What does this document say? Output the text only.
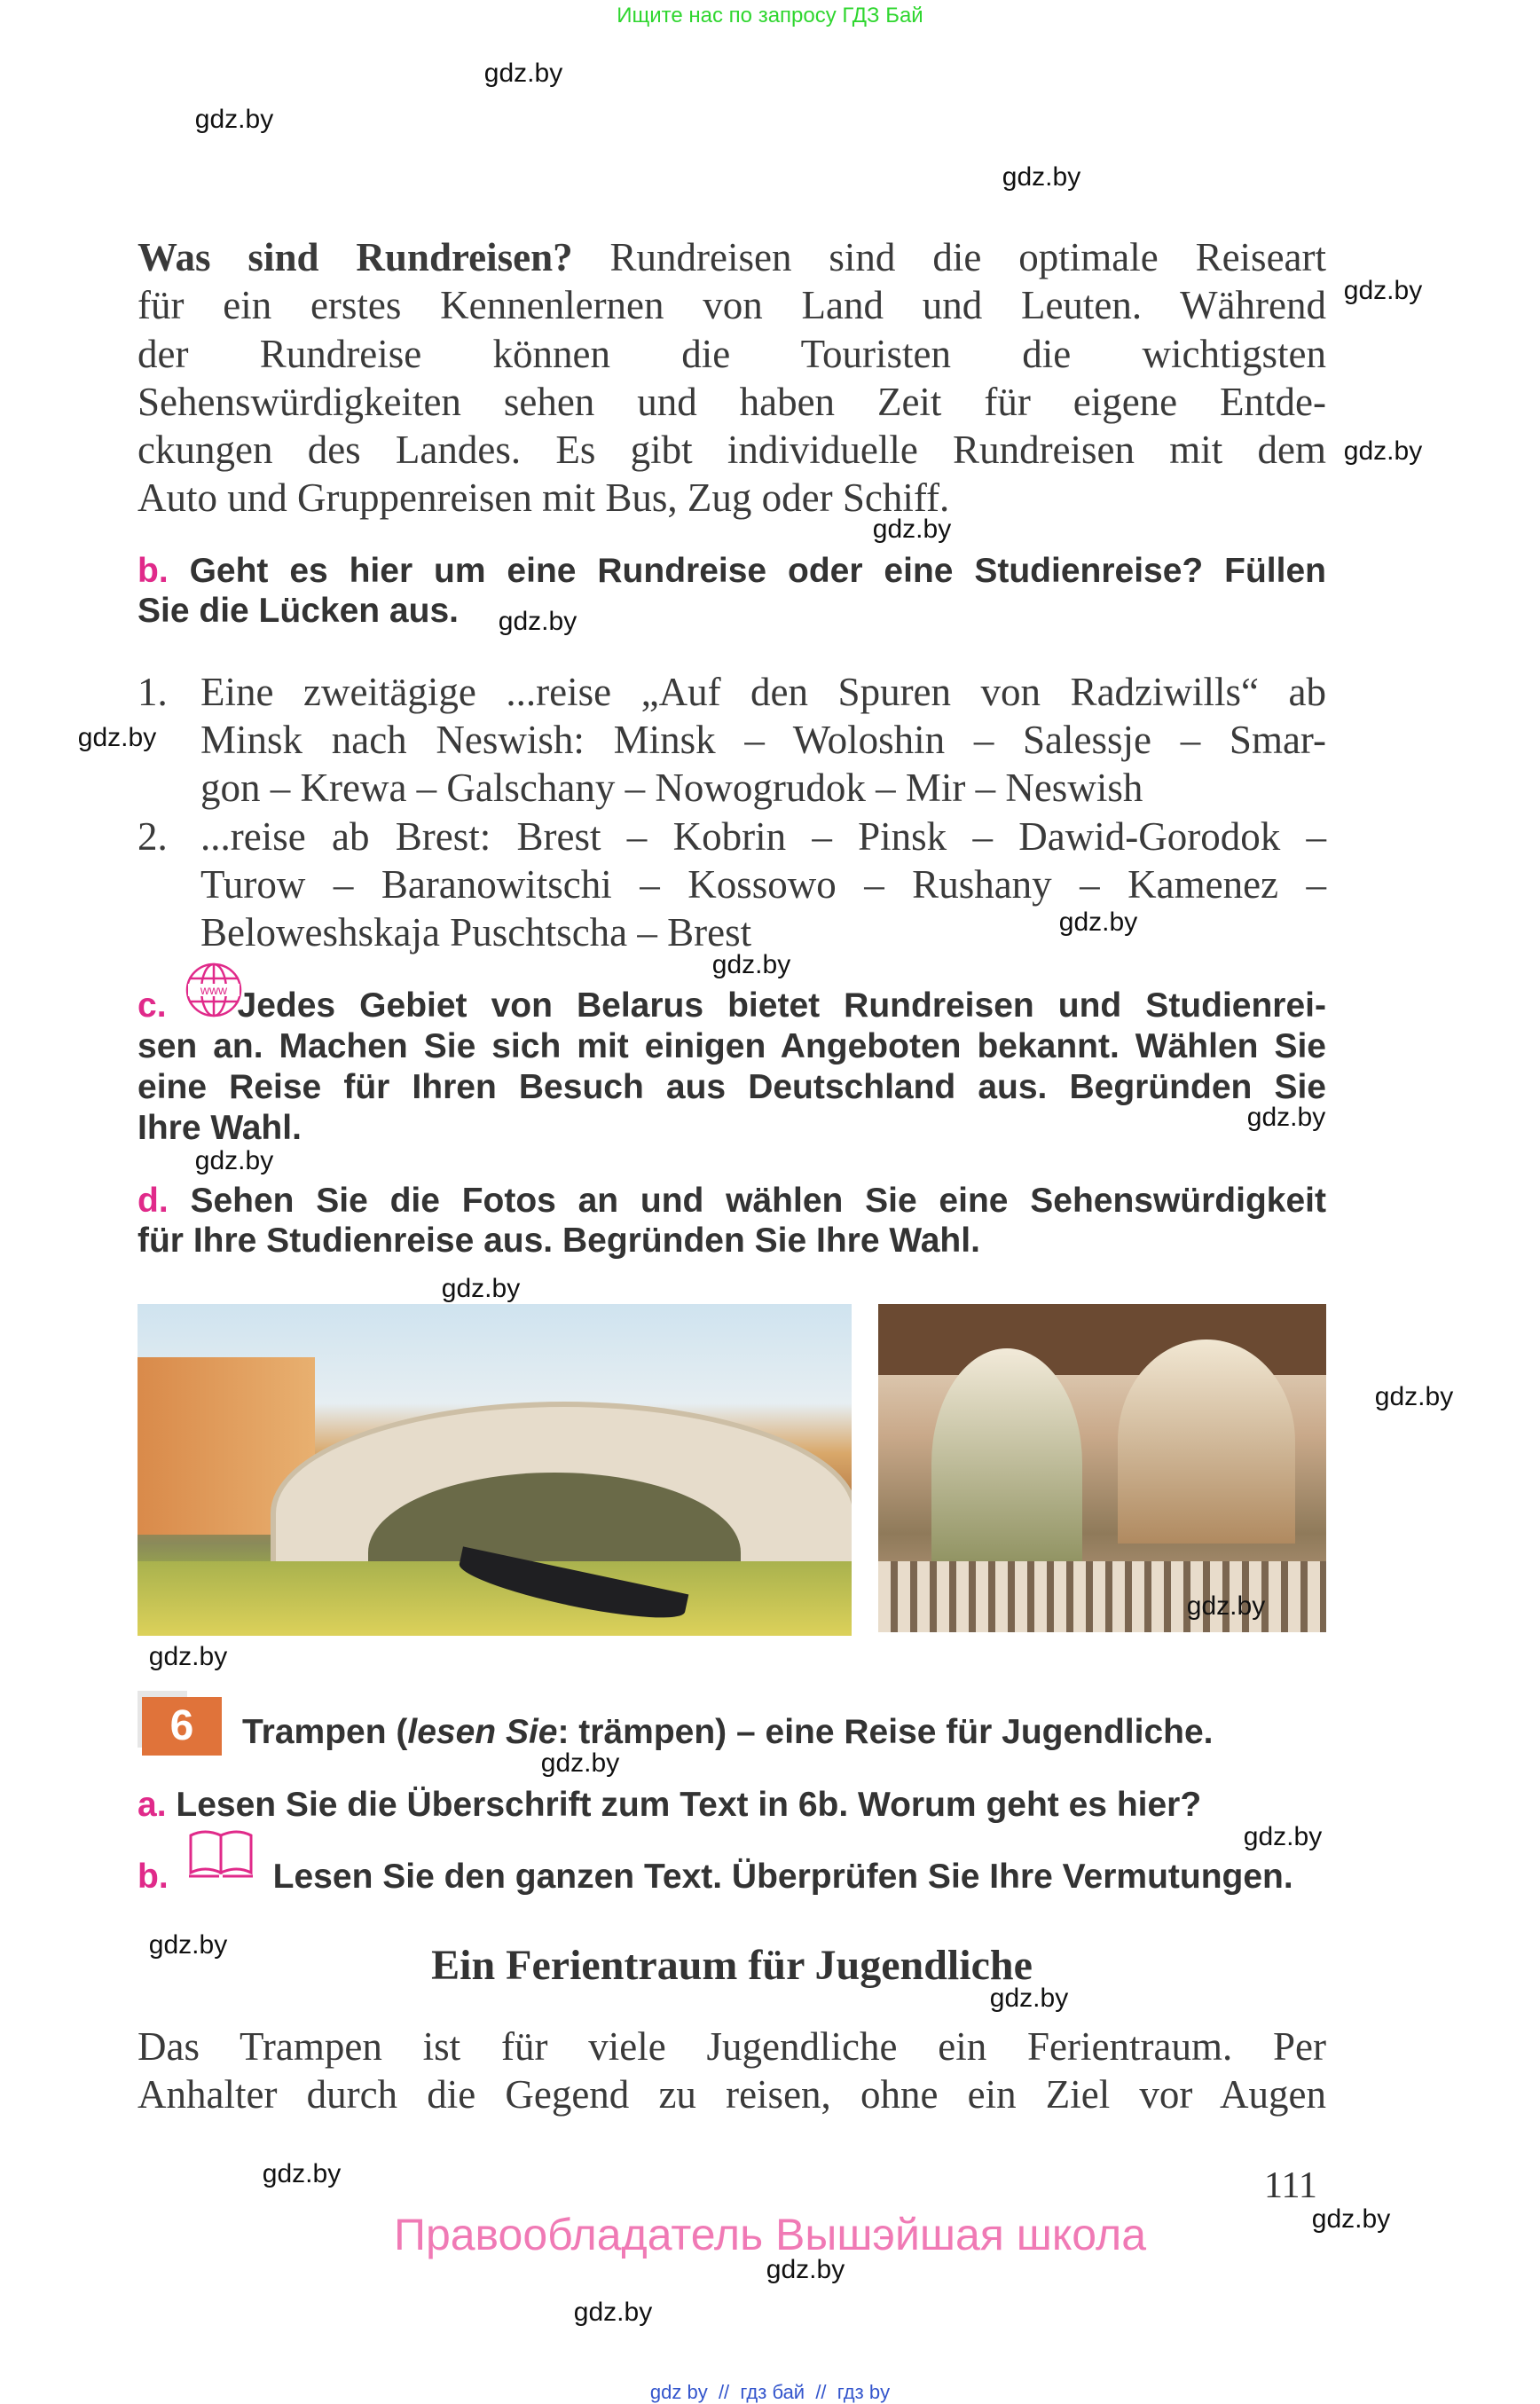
Ищите нас по запросу ГДЗ Бай
Was sind Rundreisen? Rundreisen sind die optimale Reiseart
für ein erstes Kennenlernen von Land und Leuten. Während
der Rundreise können die Touristen die wichtigsten
Sehenswürdigkeiten sehen und haben Zeit für eigene Entde-
ckungen des Landes. Es gibt individuelle Rundreisen mit dem
Auto und Gruppenreisen mit Bus, Zug oder Schiff.
b. Geht es hier um eine Rundreise oder eine Studienreise? Füllen
Sie die Lücken aus.
1. Eine zweitägige ...reise „Auf den Spuren von Radziwills“ ab
Minsk nach Neswish: Minsk – Woloshin – Salessje – Smar-
gon – Krewa – Galschany – Nowogrudok – Mir – Neswish
2. ...reise ab Brest: Brest – Kobrin – Pinsk – Dawid-Gorodok –
Turow – Baranowitschi – Kossowo – Rushany – Kamenez –
Beloweshskaja Puschtscha – Brest
www
c. Jedes Gebiet von Belarus bietet Rundreisen und Studienrei-
sen an. Machen Sie sich mit einigen Angeboten bekannt. Wählen Sie
eine Reise für Ihren Besuch aus Deutschland aus. Begründen Sie
Ihre Wahl.
d. Sehen Sie die Fotos an und wählen Sie eine Sehenswürdigkeit
für Ihre Studienreise aus. Begründen Sie Ihre Wahl.
6	Trampen (lesen Sie: trämpen) – eine Reise für Jugendliche.
a. Lesen Sie die Überschrift zum Text in 6b. Worum geht es hier?
b.	Lesen Sie den ganzen Text. Überprüfen Sie Ihre Vermutungen.
Ein Ferientraum für Jugendliche
Das Trampen ist für viele Jugendliche ein Ferientraum. Per
Anhalter durch die Gegend zu reisen, ohne ein Ziel vor Augen
111
Правообладатель Вышэйшая школа
gdz by  //  гдз бай  //  гдз by
gdz.by
gdz.by
gdz.by
gdz.by
gdz.by
gdz.by
gdz.by
gdz.by
gdz.by
gdz.by
gdz.by
gdz.by
gdz.by
gdz.by
gdz.by
gdz.by
gdz.by
gdz.by
gdz.by
gdz.by
gdz.by
gdz.by
gdz.by
gdz.by
